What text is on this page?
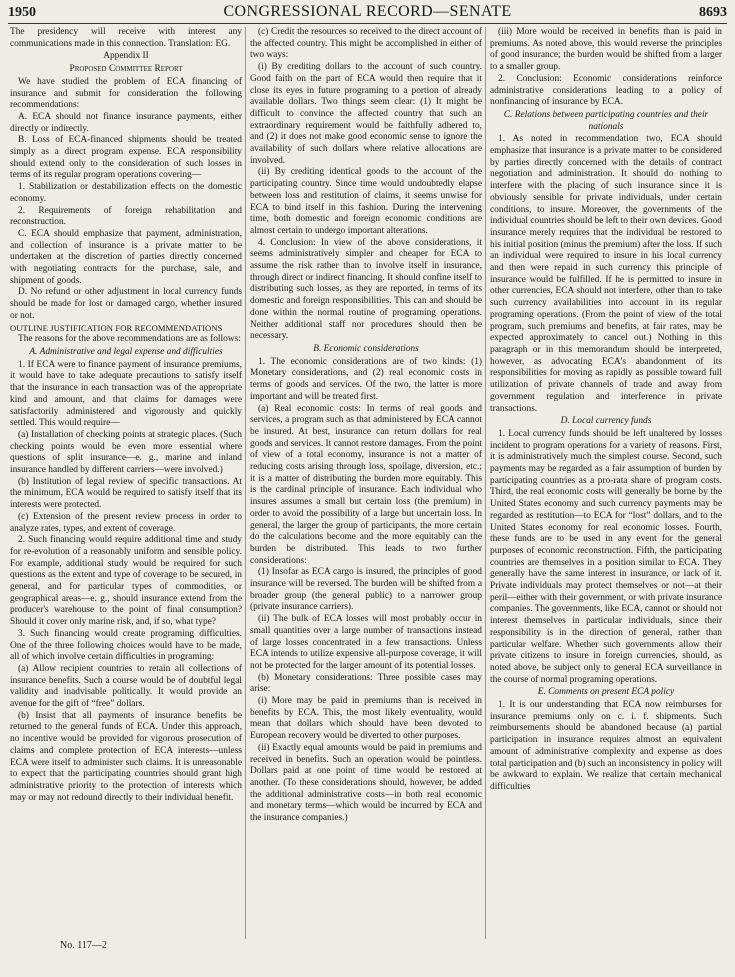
1950	CONGRESSIONAL RECORD—SENATE	8693

The presidency will receive with interest any communications made in this connection. Translation: EG.

Appendix II

Proposed Committee Report

We have studied the problem of ECA financing of insurance and submit for consideration the following recommendations:

A. ECA should not finance insurance payments, either directly or indirectly.

B. Loss of ECA-financed shipments should be treated simply as a direct program expense. ECA responsibility should extend only to the consideration of such losses in terms of its regular program operations covering—

1. Stabilization or destabilization effects on the domestic economy.

2. Requirements of foreign rehabilitation and reconstruction.

C. ECA should emphasize that payment, administration, and collection of insurance is a private matter to be undertaken at the discretion of parties directly concerned with negotiating contracts for the purchase, sale, and shipment of goods.

D. No refund or other adjustment in local currency funds should be made for lost or damaged cargo, whether insured or not.

OUTLINE JUSTIFICATION FOR RECOMMENDATIONS

The reasons for the above recommendations are as follows:

A. Administrative and legal expense and difficulties

1. If ECA were to finance payment of insurance premiums, it would have to take adequate precautions to satisfy itself that the insurance in each transaction was of the appropriate kind and amount, and that claims for damages were satisfactorily administered and vigorously and quickly settled. This would require—

(a) Installation of checking points at strategic places. (Such checking points would be even more essential where questions of split insurance—e. g., marine and inland insurance handled by different carriers—were involved.)

(b) Institution of legal review of specific transactions. At the minimum, ECA would be required to satisfy itself that its interests were protected.

(c) Extension of the present review process in order to analyze rates, types, and extent of coverage.

2. Such financing would require additional time and study for re-evolution of a reasonably uniform and sensible policy. For example, additional study would be required for such questions as the extent and type of coverage to be secured, in general, and for particular types of commodities, or geographical areas—e. g., should insurance extend from the producer's warehouse to the point of final consumption? Should it cover only marine risk, and, if so, what type?

3. Such financing would create programing difficulties. One of the three following choices would have to be made, all of which involve certain difficulties in programing:

(a) Allow recipient countries to retain all collections of insurance benefits. Such a course would be of doubtful legal validity and inadvisable politically. It would provide an avenue for the gift of “free” dollars.

(b) Insist that all payments of insurance benefits be returned to the general funds of ECA. Under this approach, no incentive would be provided for vigorous prosecution of claims and complete protection of ECA interests—unless ECA were itself to administer such claims. It is unreasonable to expect that the participating countries should grant high administrative priority to the protection of interests which may or may not redound directly to their individual benefit.

(c) Credit the resources so received to the direct account of the affected country. This might be accomplished in either of two ways:

(i) By crediting dollars to the account of such country. Good faith on the part of ECA would then require that it close its eyes in future programing to a portion of already available dollars. Two things seem clear: (1) It might be difficult to convince the affected country that such an extraordinary requirement would be faithfully adhered to, and (2) it does not make good economic sense to ignore the availability of such dollars where relative allocations are involved.

(ii) By crediting identical goods to the account of the participating country. Since time would undoubtedly elapse between loss and restitution of claims, it seems unwise for ECA to bind itself in this fashion. During the intervening time, both domestic and foreign economic conditions are almost certain to undergo important alterations.

4. Conclusion: In view of the above considerations, it seems administratively simpler and cheaper for ECA to assume the risk rather than to involve itself in insurance, through direct or indirect financing. It should confine itself to distributing such losses, as they are reported, in terms of its domestic and foreign responsibilities. This can and should be done within the normal routine of programing operations. Neither additional staff nor procedures should then be necessary.

B. Economic considerations

1. The economic considerations are of two kinds: (1) Monetary considerations, and (2) real economic costs in terms of goods and services. Of the two, the latter is more important and will be treated first.

(a) Real economic costs: In terms of real goods and services, a program such as that administered by ECA cannot be insured. At best, insurance can return dollars for real goods and services. It cannot restore damages. From the point of view of a total economy, insurance is not a matter of reducing costs arising through loss, spoilage, diversion, etc.; it is a matter of distributing the burden more equitably. This is the cardinal principle of insurance. Each individual who insures assumes a small but certain loss (the premium) in order to avoid the possibility of a large but uncertain loss. In general, the larger the group of participants, the more certain do the calculations become and the more equitably can the burden be distributed. This leads to two further considerations:

(1) Insofar as ECA cargo is insured, the principles of good insurance will be reversed. The burden will be shifted from a broader group (the general public) to a narrower group (private insurance carriers).

(ii) The bulk of ECA losses will most probably occur in small quantities over a large number of transactions instead of large losses concentrated in a few transactions. Unless ECA intends to utilize expensive all-purpose coverage, it will not be protected for the larger amount of its potential losses.

(b) Monetary considerations: Three possible cases may arise:

(i) More may be paid in premiums than is received in benefits by ECA. This, the most likely eventuality, would mean that dollars which should have been devoted to European recovery would be diverted to other purposes.

(ii) Exactly equal amounts would be paid in premiums and received in benefits. Such an operation would be pointless. Dollars paid at one point of time would be restored at another. (To these considerations should, however, be added the additional administrative costs—in both real economic and monetary terms—which would be incurred by ECA and the insurance companies.)

(iii) More would be received in benefits than is paid in premiums. As noted above, this would reverse the principles of good insurance; the burden would be shifted from a larger to a smaller group.

2. Conclusion: Economic considerations reinforce administrative considerations leading to a policy of nonfinancing of insurance by ECA.

C. Relations between participating countries and their nationals

1. As noted in recommendation two, ECA should emphasize that insurance is a private matter to be considered by parties directly concerned with the details of contract negotiation and administration. It should do nothing to interfere with the placing of such insurance since it is obviously sensible for private individuals, under certain conditions, to insure. Moreover, the governments of the individual countries should be left to their own devices. Good insurance merely requires that the individual be restored to his initial position (minus the premium) after the loss. If such an individual were required to insure in his local currency and then were repaid in such currency this principle of insurance would be fulfilled. If he is permitted to insure in other currencies, ECA should not interfere, other than to take such currency availabilities into account in its regular programing operations. (From the point of view of the total program, such premiums and benefits, at fair rates, may be expected approximately to cancel out.) Nothing in this paragraph or in this memorandum should be interpreted, however, as advocating ECA's abandonment of its responsibilities for moving as rapidly as possible toward full utilization of private channels of trade and away from government regulation and interference in private transactions.

D. Local currency funds

1. Local currency funds should be left unaltered by losses incident to program operations for a variety of reasons. First, it is administratively much the simplest course. Second, such payments may be regarded as a fair assumption of burden by participating countries as a pro-rata share of program costs. Third, the real economic costs will generally be borne by the United States economy and such currency payments may be regarded as restitution—to ECA for “lost” dollars, and to the United States economy for real economic losses. Fourth, these funds are to be used in any event for the general purposes of economic reconstruction. Fifth, the participating countries are themselves in a position similar to ECA. They generally have the same interest in insurance, or lack of it. Private individuals may protect themselves or not—at their peril—either with their government, or with private insurance companies. The governments, like ECA, cannot or should not interest themselves in particular individuals, since their responsibility is in the direction of general, rather than particular welfare. Whether such governments allow their private citizens to insure in foreign currencies, should, as noted above, be subject only to general ECA surveillance in the course of normal programing operations.

E. Comments on present ECA policy

1. It is our understanding that ECA now reimburses for insurance premiums only on c. i. f. shipments. Such reimbursements should be abandoned because (a) partial participation in insurance requires almost an equivalent amount of administrative complexity and expense as does total participation and (b) such an inconsistency in policy will be awkward to explain. We realize that certain mechanical difficulties

No. 117—2
